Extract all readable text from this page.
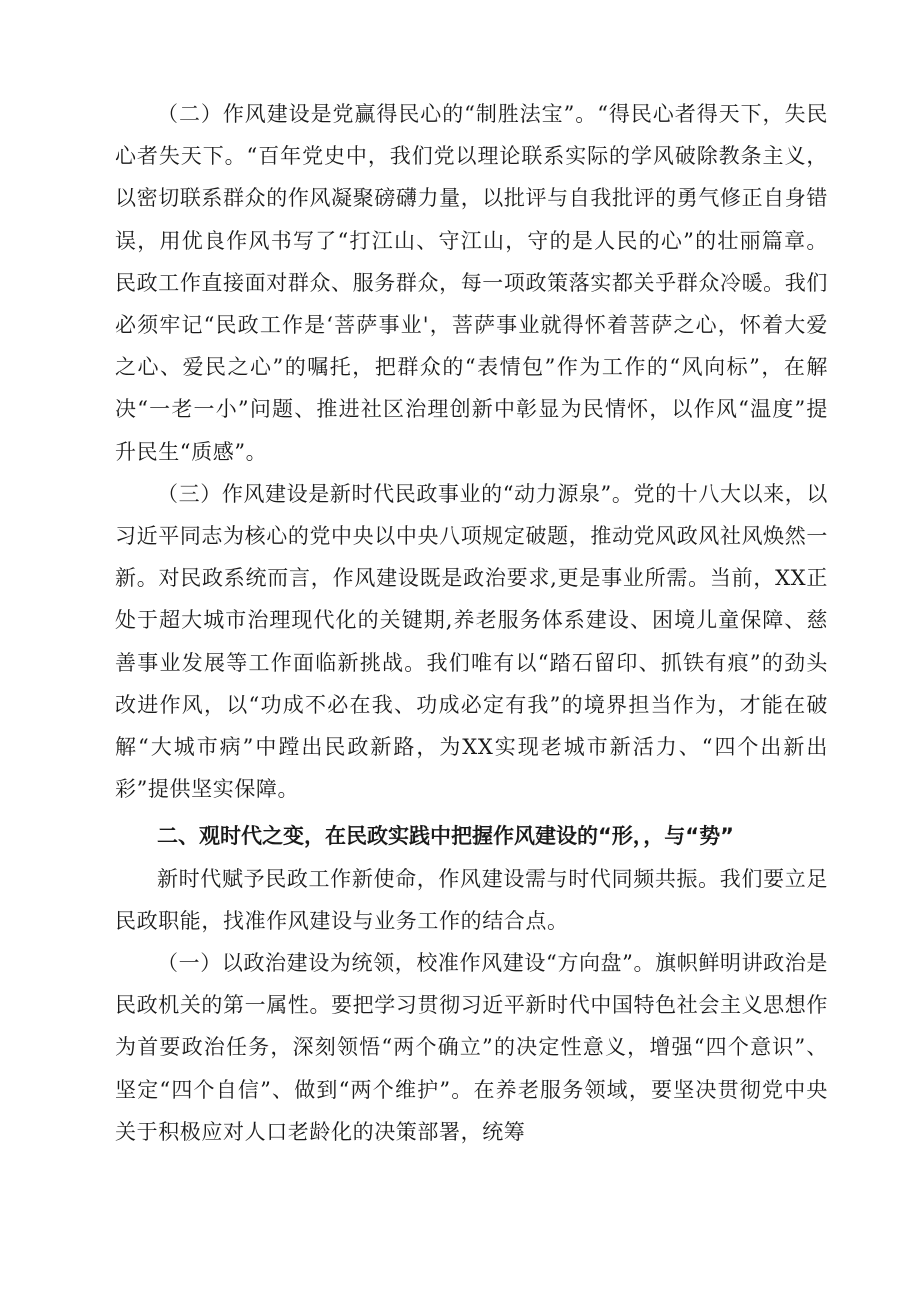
（二）作风建设是党赢得民心的“制胜法宝”。“得民心者得天下，失民心者失天下。“百年党史中，我们党以理论联系实际的学风破除教条主义，以密切联系群众的作风凝聚磅礴力量，以批评与自我批评的勇气修正自身错误，用优良作风书写了“打江山、守江山，守的是人民的心”的壮丽篇章。民政工作直接面对群众、服务群众，每一项政策落实都关乎群众冷暖。我们必须牢记“民政工作是‘菩萨事业'，菩萨事业就得怀着菩萨之心，怀着大爱之心、爱民之心”的嘱托，把群众的“表情包”作为工作的“风向标”，在解决“一老一小”问题、推进社区治理创新中彰显为民情怀，以作风“温度”提升民生“质感”。

（三）作风建设是新时代民政事业的“动力源泉”。党的十八大以来，以习近平同志为核心的党中央以中央八项规定破题，推动党风政风社风焕然一新。对民政系统而言，作风建设既是政治要求,更是事业所需。当前，XX正处于超大城市治理现代化的关键期,养老服务体系建设、困境儿童保障、慈善事业发展等工作面临新挑战。我们唯有以“踏石留印、抓铁有痕”的劲头改进作风，以“功成不必在我、功成必定有我”的境界担当作为，才能在破解“大城市病”中蹚出民政新路，为XX实现老城市新活力、“四个出新出彩”提供坚实保障。

二、观时代之变，在民政实践中把握作风建设的“形，，与“势”

新时代赋予民政工作新使命，作风建设需与时代同频共振。我们要立足民政职能，找准作风建设与业务工作的结合点。

（一）以政治建设为统领，校准作风建设“方向盘”。旗帜鲜明讲政治是民政机关的第一属性。要把学习贯彻习近平新时代中国特色社会主义思想作为首要政治任务，深刻领悟“两个确立”的决定性意义，增强“四个意识”、坚定“四个自信”、做到“两个维护”。在养老服务领域，要坚决贯彻党中央关于积极应对人口老龄化的决策部署，统筹
